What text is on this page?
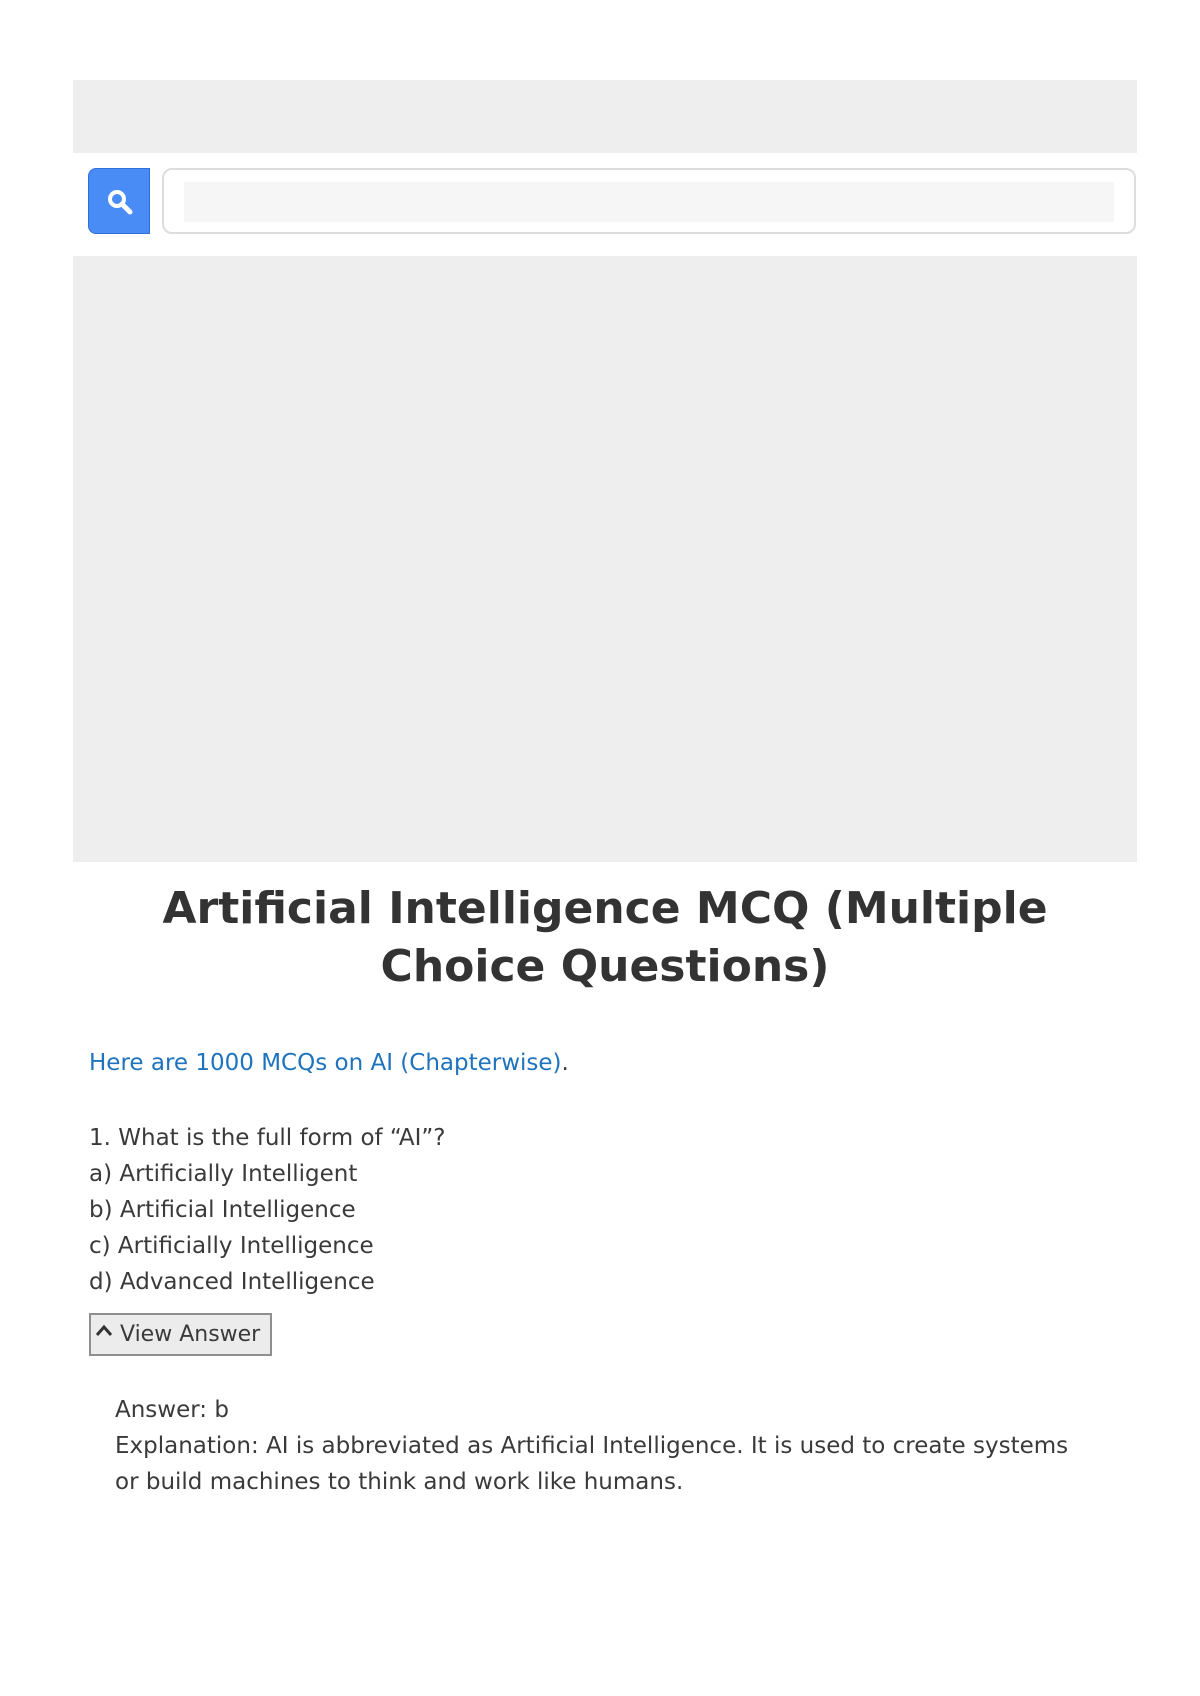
Artificial Intelligence MCQ (Multiple Choice Questions)
Here are 1000 MCQs on AI (Chapterwise).
1. What is the full form of “AI”?
a) Artificially Intelligent
b) Artificial Intelligence
c) Artificially Intelligence
d) Advanced Intelligence
View Answer
Answer: b
Explanation: AI is abbreviated as Artificial Intelligence. It is used to create systems or build machines to think and work like humans.
